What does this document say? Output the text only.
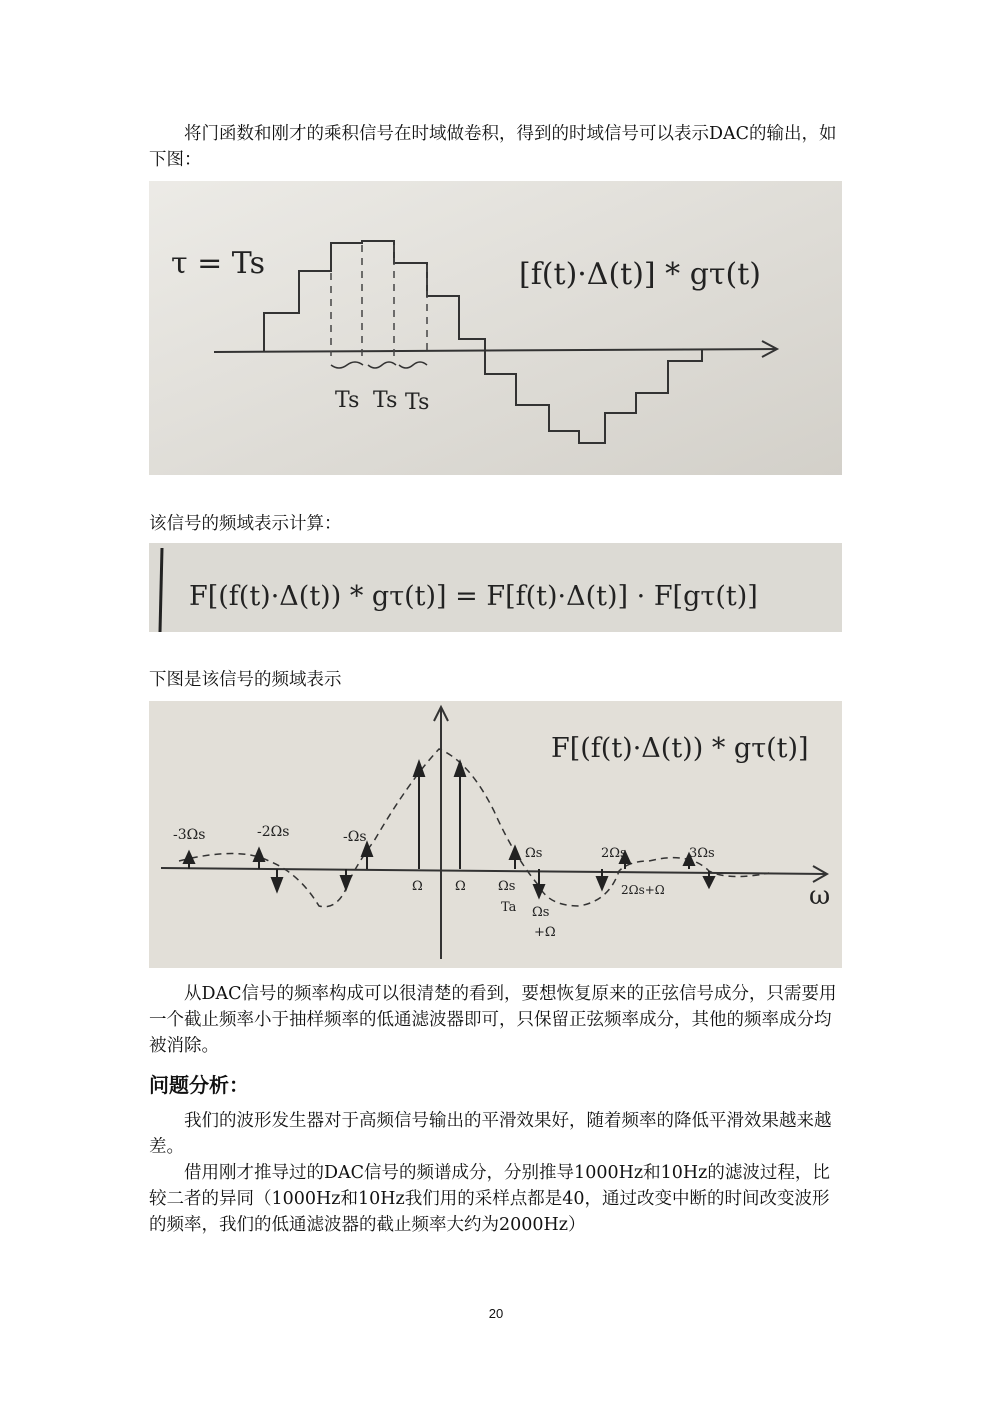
将门函数和刚才的乘积信号在时域做卷积，得到的时域信号可以表示DAC的输出，如下图：

Ts Ts Ts
τ = Ts	[f(t)·Δ(t)] * gτ(t)

该信号的频域表示计算：

F[(f(t)·Δ(t)) * gτ(t)] = F[f(t)·Δ(t)] · F[gτ(t)]

下图是该信号的频域表示

-3Ωs	-2Ωs	-Ωs
Ω Ω
Ωs
Ωs
Ta Ωs
+Ω
2Ωs
2Ωs+Ω
3Ωs
ω
F[(f(t)·Δ(t)) * gτ(t)]

从DAC信号的频率构成可以很清楚的看到，要想恢复原来的正弦信号成分，只需要用一个截止频率小于抽样频率的低通滤波器即可，只保留正弦频率成分，其他的频率成分均被消除。

问题分析：

我们的波形发生器对于高频信号输出的平滑效果好，随着频率的降低平滑效果越来越差。

借用刚才推导过的DAC信号的频谱成分，分别推导1000Hz和10Hz的滤波过程，比较二者的异同（1000Hz和10Hz我们用的采样点都是40，通过改变中断的时间改变波形的频率，我们的低通滤波器的截止频率大约为2000Hz）

20
